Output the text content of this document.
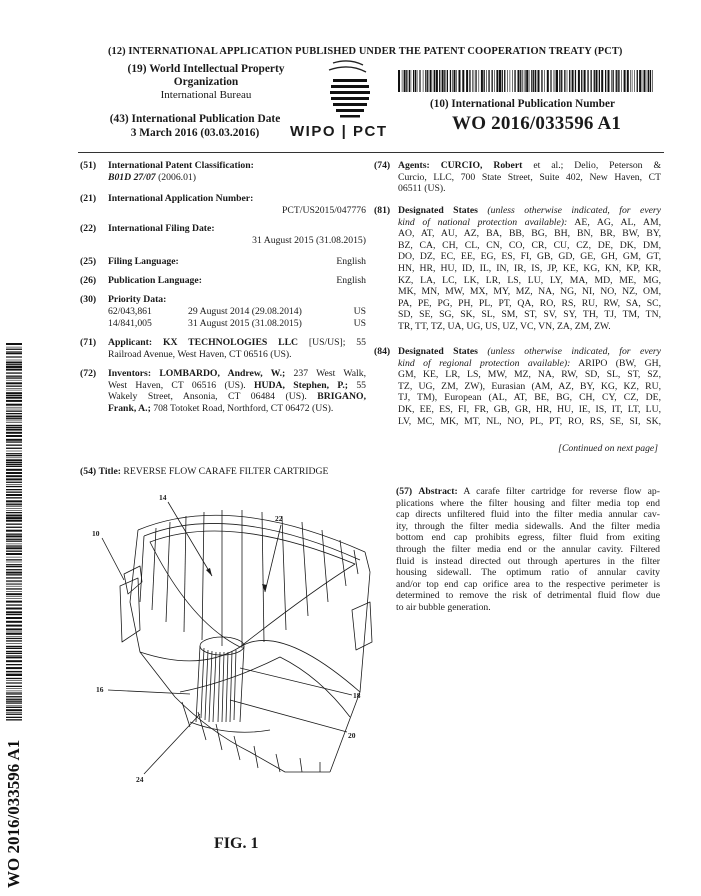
(12) INTERNATIONAL APPLICATION PUBLISHED UNDER THE PATENT COOPERATION TREATY (PCT)
(19) World Intellectual Property
Organization
International Bureau
(43) International Publication Date
3 March 2016 (03.03.2016)	WIPO | PCT
(10) International Publication Number
WO 2016/033596 A1
(51) International Patent Classification:
B01D 27/07 (2006.01)
(21) International Application Number:
PCT/US2015/047776
(22) International Filing Date:
31 August 2015 (31.08.2015)
(25) Filing Language:	English
(26) Publication Language:	English
(30) Priority Data:
62/043,861	29 August 2014 (29.08.2014)	US
14/841,005	31 August 2015 (31.08.2015)	US
(71) Applicant: KX TECHNOLOGIES LLC [US/US]; 55
Railroad Avenue, West Haven, CT 06516 (US).
(72) Inventors: LOMBARDO, Andrew, W.; 237 West Walk,
West Haven, CT 06516 (US). HUDA, Stephen, P.; 55
Wakely Street, Ansonia, CT 06484 (US). BRIGANO,
Frank, A.; 708 Totoket Road, Northford, CT 06472 (US).
(74) Agents: CURCIO, Robert et al.; Delio, Peterson &
Curcio, LLC, 700 State Street, Suite 402, New Haven, CT
06511 (US).
(81) Designated States (unless otherwise indicated, for every
kind of national protection available): AE, AG, AL, AM,
AO, AT, AU, AZ, BA, BB, BG, BH, BN, BR, BW, BY,
BZ, CA, CH, CL, CN, CO, CR, CU, CZ, DE, DK, DM,
DO, DZ, EC, EE, EG, ES, FI, GB, GD, GE, GH, GM, GT,
HN, HR, HU, ID, IL, IN, IR, IS, JP, KE, KG, KN, KP, KR,
KZ, LA, LC, LK, LR, LS, LU, LY, MA, MD, ME, MG,
MK, MN, MW, MX, MY, MZ, NA, NG, NI, NO, NZ, OM,
PA, PE, PG, PH, PL, PT, QA, RO, RS, RU, RW, SA, SC,
SD, SE, SG, SK, SL, SM, ST, SV, SY, TH, TJ, TM, TN,
TR, TT, TZ, UA, UG, US, UZ, VC, VN, ZA, ZM, ZW.
(84) Designated States (unless otherwise indicated, for every
kind of regional protection available): ARIPO (BW, GH,
GM, KE, LR, LS, MW, MZ, NA, RW, SD, SL, ST, SZ,
TZ, UG, ZM, ZW), Eurasian (AM, AZ, BY, KG, KZ, RU,
TJ, TM), European (AL, AT, BE, BG, CH, CY, CZ, DE,
DK, EE, ES, FI, FR, GB, GR, HR, HU, IE, IS, IT, LT, LU,
LV, MC, MK, MT, NL, NO, PL, PT, RO, RS, SE, SI, SK,
[Continued on next page]
(54) Title: REVERSE FLOW CARAFE FILTER CARTRIDGE
(57) Abstract: A carafe filter cartridge for reverse flow ap-
plications where the filter housing and filter media top end
cap directs unfiltered fluid into the filter media annular cav-
ity, through the filter media sidewalls. And the filter media
bottom end cap prohibits egress, filter fluid from exiting
through the filter media end or the annular cavity. Filtered
fluid is instead directed out through apertures in the filter
housing sidewall. The optimum ratio of annular cavity
and/or top end cap orifice area to the respective perimeter is
determined to remove the risk of detrimental fluid flow due
to air bubble generation.
10
14
16
18
20
22
24
FIG. 1
WO 2016/033596 A1
